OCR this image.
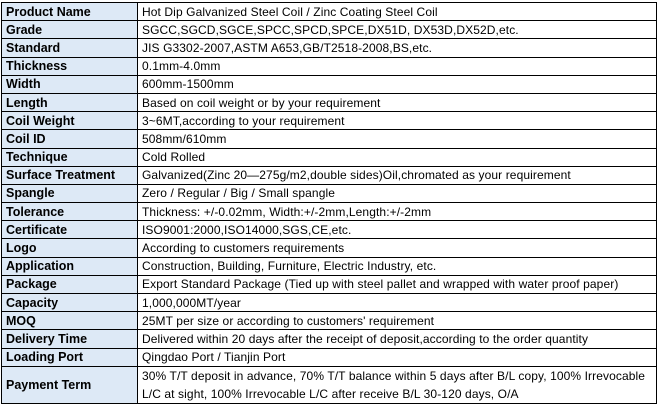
Product Name	Hot Dip Galvanized Steel Coil / Zinc Coating Steel Coil
Grade	SGCC,SGCD,SGCE,SPCC,SPCD,SPCE,DX51D, DX53D,DX52D,etc.
Standard	JIS G3302-2007,ASTM A653,GB/T2518-2008,BS,etc.
Thickness	0.1mm-4.0mm
Width	600mm-1500mm
Length	Based on coil weight or by your requirement
Coil Weight	3~6MT,according to your requirement
Coil ID	508mm/610mm
Technique	Cold Rolled
Surface Treatment	Galvanized(Zinc 20—275g/m2,double sides)Oil,chromated as your requirement
Spangle	Zero / Regular / Big / Small spangle
Tolerance	Thickness: +/-0.02mm, Width:+/-2mm,Length:+/-2mm
Certificate	ISO9001:2000,ISO14000,SGS,CE,etc.
Logo	According to customers requirements
Application	Construction, Building, Furniture, Electric Industry, etc.
Package	Export Standard Package (Tied up with steel pallet and wrapped with water proof paper)
Capacity	1,000,000MT/year
MOQ	25MT per size or according to customers' requirement
Delivery Time	Delivered within 20 days after the receipt of deposit,according to the order quantity
Loading Port	Qingdao Port / Tianjin Port
Payment Term	30% T/T deposit in advance, 70% T/T balance within 5 days after B/L copy, 100% Irrevocable L/C at sight, 100% Irrevocable L/C after receive B/L 30-120 days, O/A
